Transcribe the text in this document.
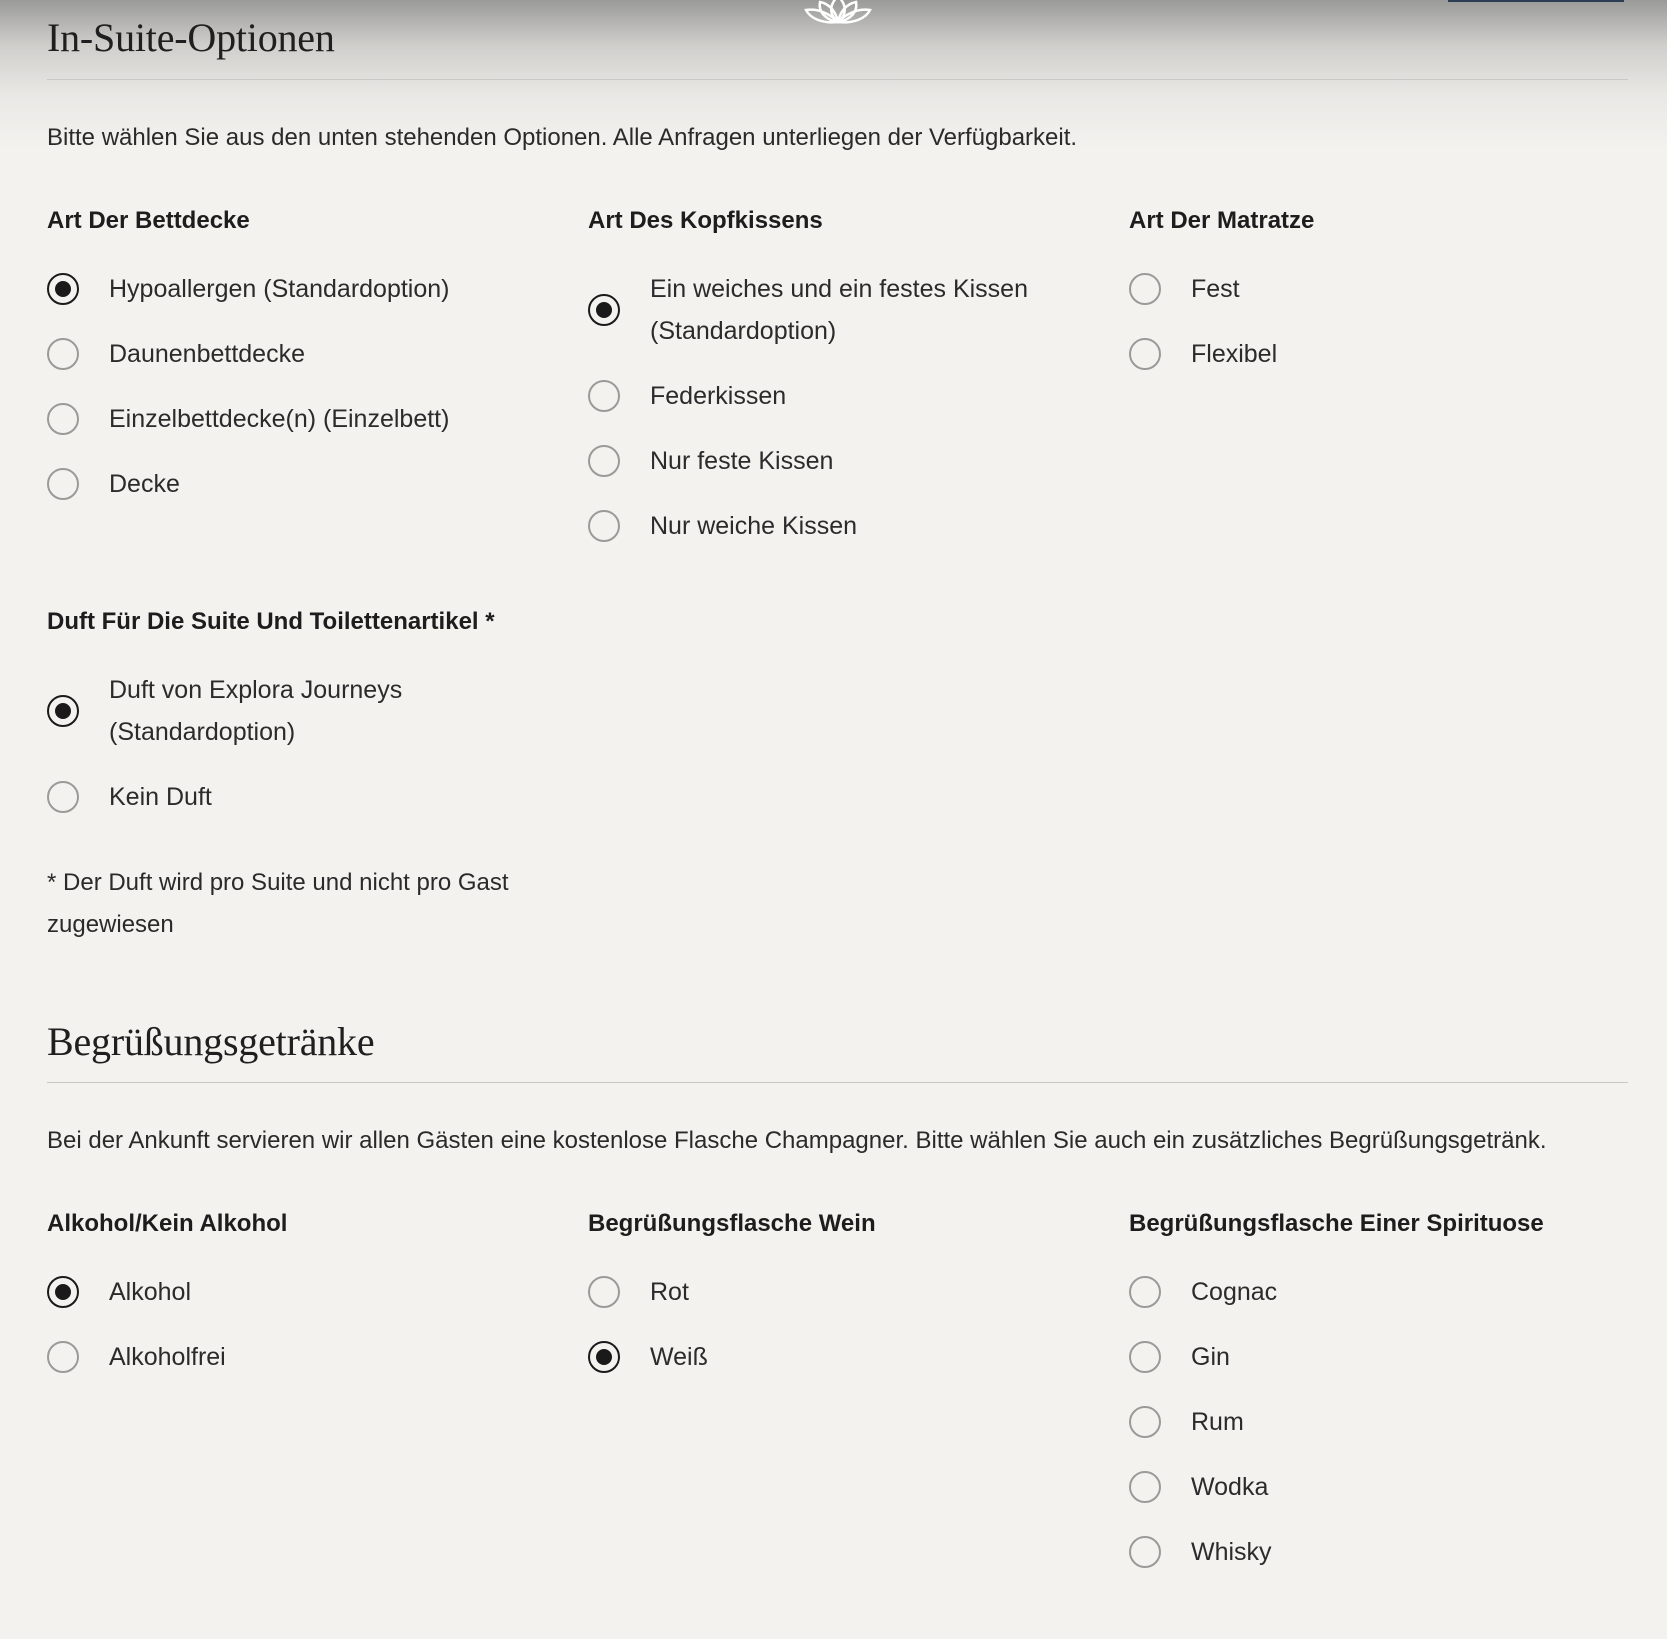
In-Suite-Optionen

Bitte wählen Sie aus den unten stehenden Optionen. Alle Anfragen unterliegen der Verfügbarkeit.

Art Der Bettdecke
Hypoallergen (Standardoption)
Daunenbettdecke
Einzelbettdecke(n) (Einzelbett)
Decke
Art Des Kopfkissens
Ein weiches und ein festes Kissen (Standardoption)
Federkissen
Nur feste Kissen
Nur weiche Kissen
Art Der Matratze
Fest
Flexibel
Duft Für Die Suite Und Toilettenartikel *
Duft von Explora Journeys (Standardoption)
Kein Duft

* Der Duft wird pro Suite und nicht pro Gast zugewiesen

Begrüßungsgetränke

Bei der Ankunft servieren wir allen Gästen eine kostenlose Flasche Champagner. Bitte wählen Sie auch ein zusätzliches Begrüßungsgetränk.

Alkohol/Kein Alkohol
Alkohol
Alkoholfrei
Begrüßungsflasche Wein
Rot
Weiß
Begrüßungsflasche Einer Spirituose
Cognac
Gin
Rum
Wodka
Whisky
